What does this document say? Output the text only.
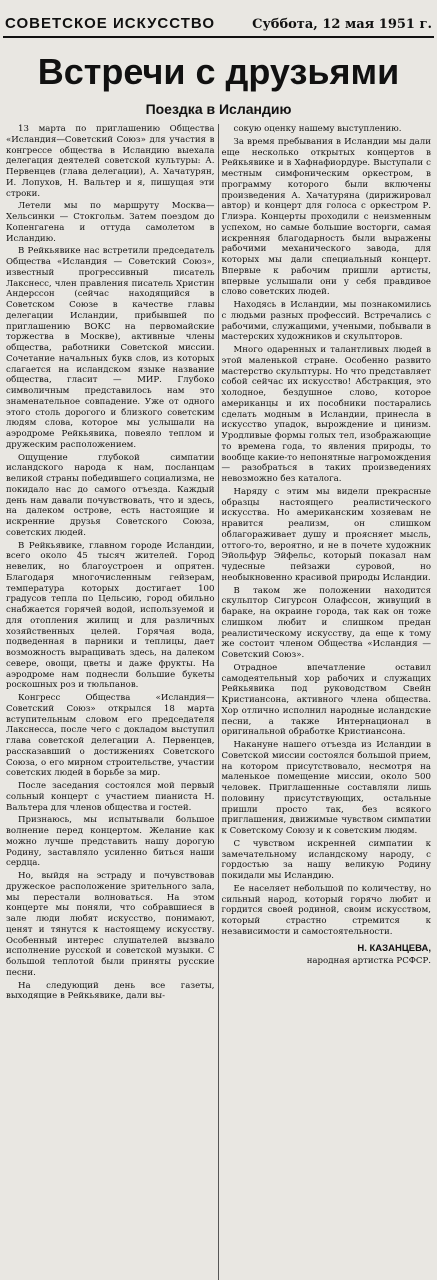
СОВЕТСКОЕ ИСКУССТВО	Суббота, 12 мая 1951 г.
Встречи с друзьями
Поездка в Исландию

13 марта по приглашению Общества «Исландия—Советский Союз» для участия в конгрессе общества в Исландию выехала делегация деятелей советской культуры: А. Первенцев (глава делегации), А. Хачатурян, И. Лопухов, Н. Вальтер и я, пишущая эти строки.

Летели мы по маршруту Москва—Хельсинки — Стокгольм. Затем поездом до Копенгагена и оттуда самолетом в Исландию.

В Рейкьявике нас встретили председатель Общества «Исландия — Советский Союз», известный прогрессивный писатель Лакснесс, член правления писатель Христин Андерссон (сейчас находящийся в Советском Союзе в качестве главы делегации Исландии, прибывшей по приглашению ВОКС на первомайские торжества в Москве), активные члены общества, работники Советской миссии. Сочетание начальных букв слов, из которых слагается на исландском языке название общества, гласит — МИР. Глубоко символичным представилось нам это знаменательное совпадение. Уже от одного этого столь дорогого и близкого советским людям слова, которое мы услышали на аэродроме Рейкьявика, повеяло теплом и дружеским расположением.

Ощущение глубокой симпатии исландского народа к нам, посланцам великой страны победившего социализма, не покидало нас до самого отъезда. Каждый день нам давали почувствовать, что и здесь, на далеком острове, есть настоящие и искренние друзья Советского Союза, советских людей.

В Рейкьявике, главном городе Исландии, всего около 45 тысяч жителей. Город невелик, но благоустроен и опрятен. Благодаря многочисленным гейзерам, температура которых достигает 100 градусов тепла по Цельсию, город обильно снабжается горячей водой, используемой и для отопления жилищ и для различных хозяйственных целей. Горячая вода, подведенная в парники и теплицы, дает возможность выращивать здесь, на далеком севере, овощи, цветы и даже фрукты. На аэродроме нам поднесли большие букеты роскошных роз и тюльпанов.

Конгресс Общества «Исландия—Советский Союз» открылся 18 марта вступительным словом его председателя Лакснесса, после чего с докладом выступил глава советской делегации А. Первенцев, рассказавший о достижениях Советского Союза, о его мирном строительстве, участии советских людей в борьбе за мир.

После заседания состоялся мой первый сольный концерт с участием пианиста Н. Вальтера для членов общества и гостей.

Признаюсь, мы испытывали большое волнение перед концертом. Желание как можно лучше представить нашу дорогую Родину, заставляло усиленно биться наши сердца.

Но, выйдя на эстраду и почувствовав дружеское расположение зрительного зала, мы перестали волноваться. На этом концерте мы поняли, что собравшиеся в зале люди любят искусство, понимают, ценят и тянутся к настоящему искусству. Особенный интерес слушателей вызвало исполнение русской и советской музыки. С большой теплотой были приняты русские песни.

На следующий день все газеты, выходящие в Рейкьявике, дали вы-

сокую оценку нашему выступлению.

За время пребывания в Исландии мы дали еще несколько открытых концертов в Рейкьявике и в Хафнафиордуре. Выступали с местным симфоническим оркестром, в программу которого были включены произведения А. Хачатуряна (дирижировал автор) и концерт для голоса с оркестром Р. Глиэра. Концерты проходили с неизменным успехом, но самые большие восторги, самая искренняя благодарность были выражены рабочими механического завода, для которых мы дали специальный концерт. Впервые к рабочим пришли артисты, впервые услышали они у себя правдивое слово советских людей.

Находясь в Исландии, мы познакомились с людьми разных профессий. Встречались с рабочими, служащими, учеными, побывали в мастерских художников и скульпторов.

Много одаренных и талантливых людей в этой маленькой стране. Особенно развито мастерство скульптуры. Но что представляет собой сейчас их искусство! Абстракция, это холодное, бездушное слово, которое американцы и их пособники постарались сделать модным в Исландии, принесла в искусство упадок, вырождение и цинизм. Уродливые формы голых тел, изображающие то времена года, то явления природы, то вообще какие-то непонятные нагромождения — разобраться в таких произведениях невозможно без каталога.

Наряду с этим мы видели прекрасные образцы настоящего реалистического искусства. Но американским хозяевам не нравится реализм, он слишком облагораживает душу и проясняет мысль, оттого-то, вероятно, и не в почете художник Эйольфур Эйфельс, который показал нам чудесные пейзажи суровой, но необыкновенно красивой природы Исландии.

В таком же положении находится скульптор Сигурсон Олафссон, живущий в бараке, на окраине города, так как он тоже слишком любит и слишком предан реалистическому искусству, да еще к тому же состоит членом Общества «Исландия — Советский Союз».

Отрадное впечатление оставил самодеятельный хор рабочих и служащих Рейкьявика под руководством Свейн Кристиансона, активного члена общества. Хор отлично исполнил народные исландские песни, а также Интернационал в оригинальной обработке Кристиансона.

Накануне нашего отъезда из Исландии в Советской миссии состоялся большой прием, на котором присутствовало, несмотря на маленькое помещение миссии, около 500 человек. Приглашенные составляли лишь половину присутствующих, остальные пришли просто так, без всякого приглашения, движимые чувством симпатии к Советскому Союзу и к советским людям.

С чувством искренней симпатии к замечательному исландскому народу, с гордостью за нашу великую Родину покидали мы Исландию.

Ее населяет небольшой по количеству, но сильный народ, который горячо любит и гордится своей родиной, своим искусством, который страстно стремится к независимости и самостоятельности.

Н. КАЗАНЦЕВА,
народная артистка РСФСР.
